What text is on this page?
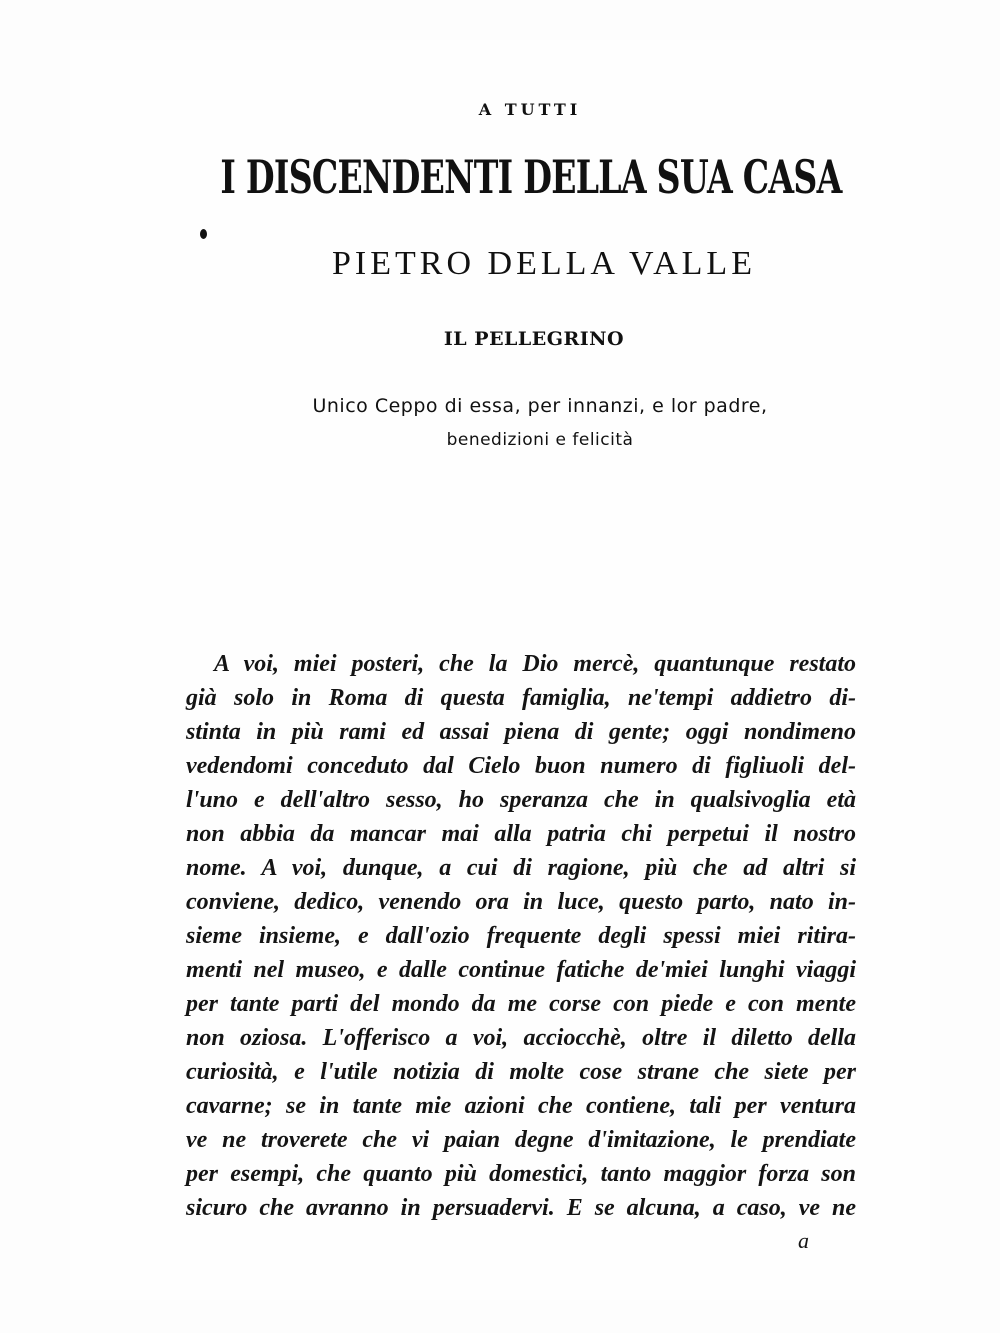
A TUTTI
I DISCENDENTI DELLA SUA CASA
PIETRO DELLA VALLE
IL PELLEGRINO
Unico Ceppo di essa, per innanzi, e lor padre,
benedizioni e felicità
A voi, miei posteri, che la Dio mercè, quantunque restato
già solo in Roma di questa famiglia, ne'tempi addietro di-
stinta in più rami ed assai piena di gente; oggi nondimeno
vedendomi conceduto dal Cielo buon numero di figliuoli del-
l'uno e dell'altro sesso, ho speranza che in qualsivoglia età
non abbia da mancar mai alla patria chi perpetui il nostro
nome. A voi, dunque, a cui di ragione, più che ad altri si
conviene, dedico, venendo ora in luce, questo parto, nato in-
sieme insieme, e dall'ozio frequente degli spessi miei ritira-
menti nel museo, e dalle continue fatiche de'miei lunghi viaggi
per tante parti del mondo da me corse con piede e con mente
non oziosa. L'offerisco a voi, acciocchè, oltre il diletto della
curiosità, e l'utile notizia di molte cose strane che siete per
cavarne; se in tante mie azioni che contiene, tali per ventura
ve ne troverete che vi paian degne d'imitazione, le prendiate
per esempi, che quanto più domestici, tanto maggior forza son
sicuro che avranno in persuadervi. E se alcuna, a caso, ve ne
a
